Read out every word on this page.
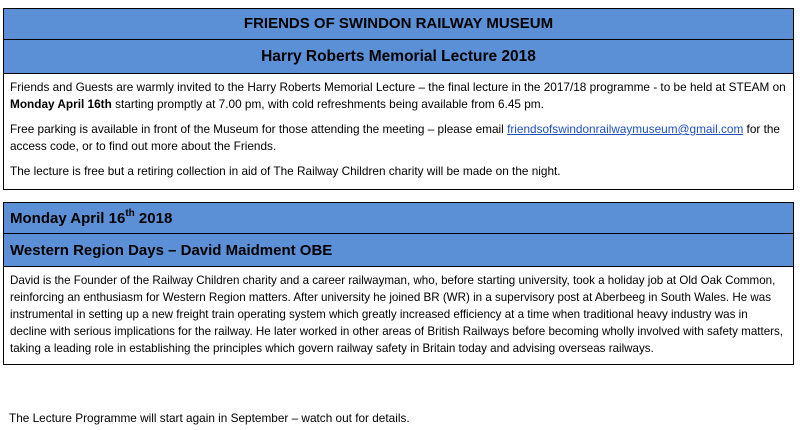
FRIENDS OF SWINDON RAILWAY MUSEUM
Harry Roberts Memorial Lecture 2018

Friends and Guests are warmly invited to the Harry Roberts Memorial Lecture – the final lecture in the 2017/18 programme - to be held at STEAM on Monday April 16th starting promptly at 7.00 pm, with cold refreshments being available from 6.45 pm.

Free parking is available in front of the Museum for those attending the meeting – please email friendsofswindonrailwaymuseum@gmail.com for the access code, or to find out more about the Friends.

The lecture is free but a retiring collection in aid of The Railway Children charity will be made on the night.

Monday April 16th 2018
Western Region Days – David Maidment OBE
David is the Founder of the Railway Children charity and a career railwayman, who, before starting university, took a holiday job at Old Oak Common, reinforcing an enthusiasm for Western Region matters. After university he joined BR (WR) in a supervisory post at Aberbeeg in South Wales. He was instrumental in setting up a new freight train operating system which greatly increased efficiency at a time when traditional heavy industry was in decline with serious implications for the railway. He later worked in other areas of British Railways before becoming wholly involved with safety matters, taking a leading role in establishing the principles which govern railway safety in Britain today and advising overseas railways.
The Lecture Programme will start again in September – watch out for details.
